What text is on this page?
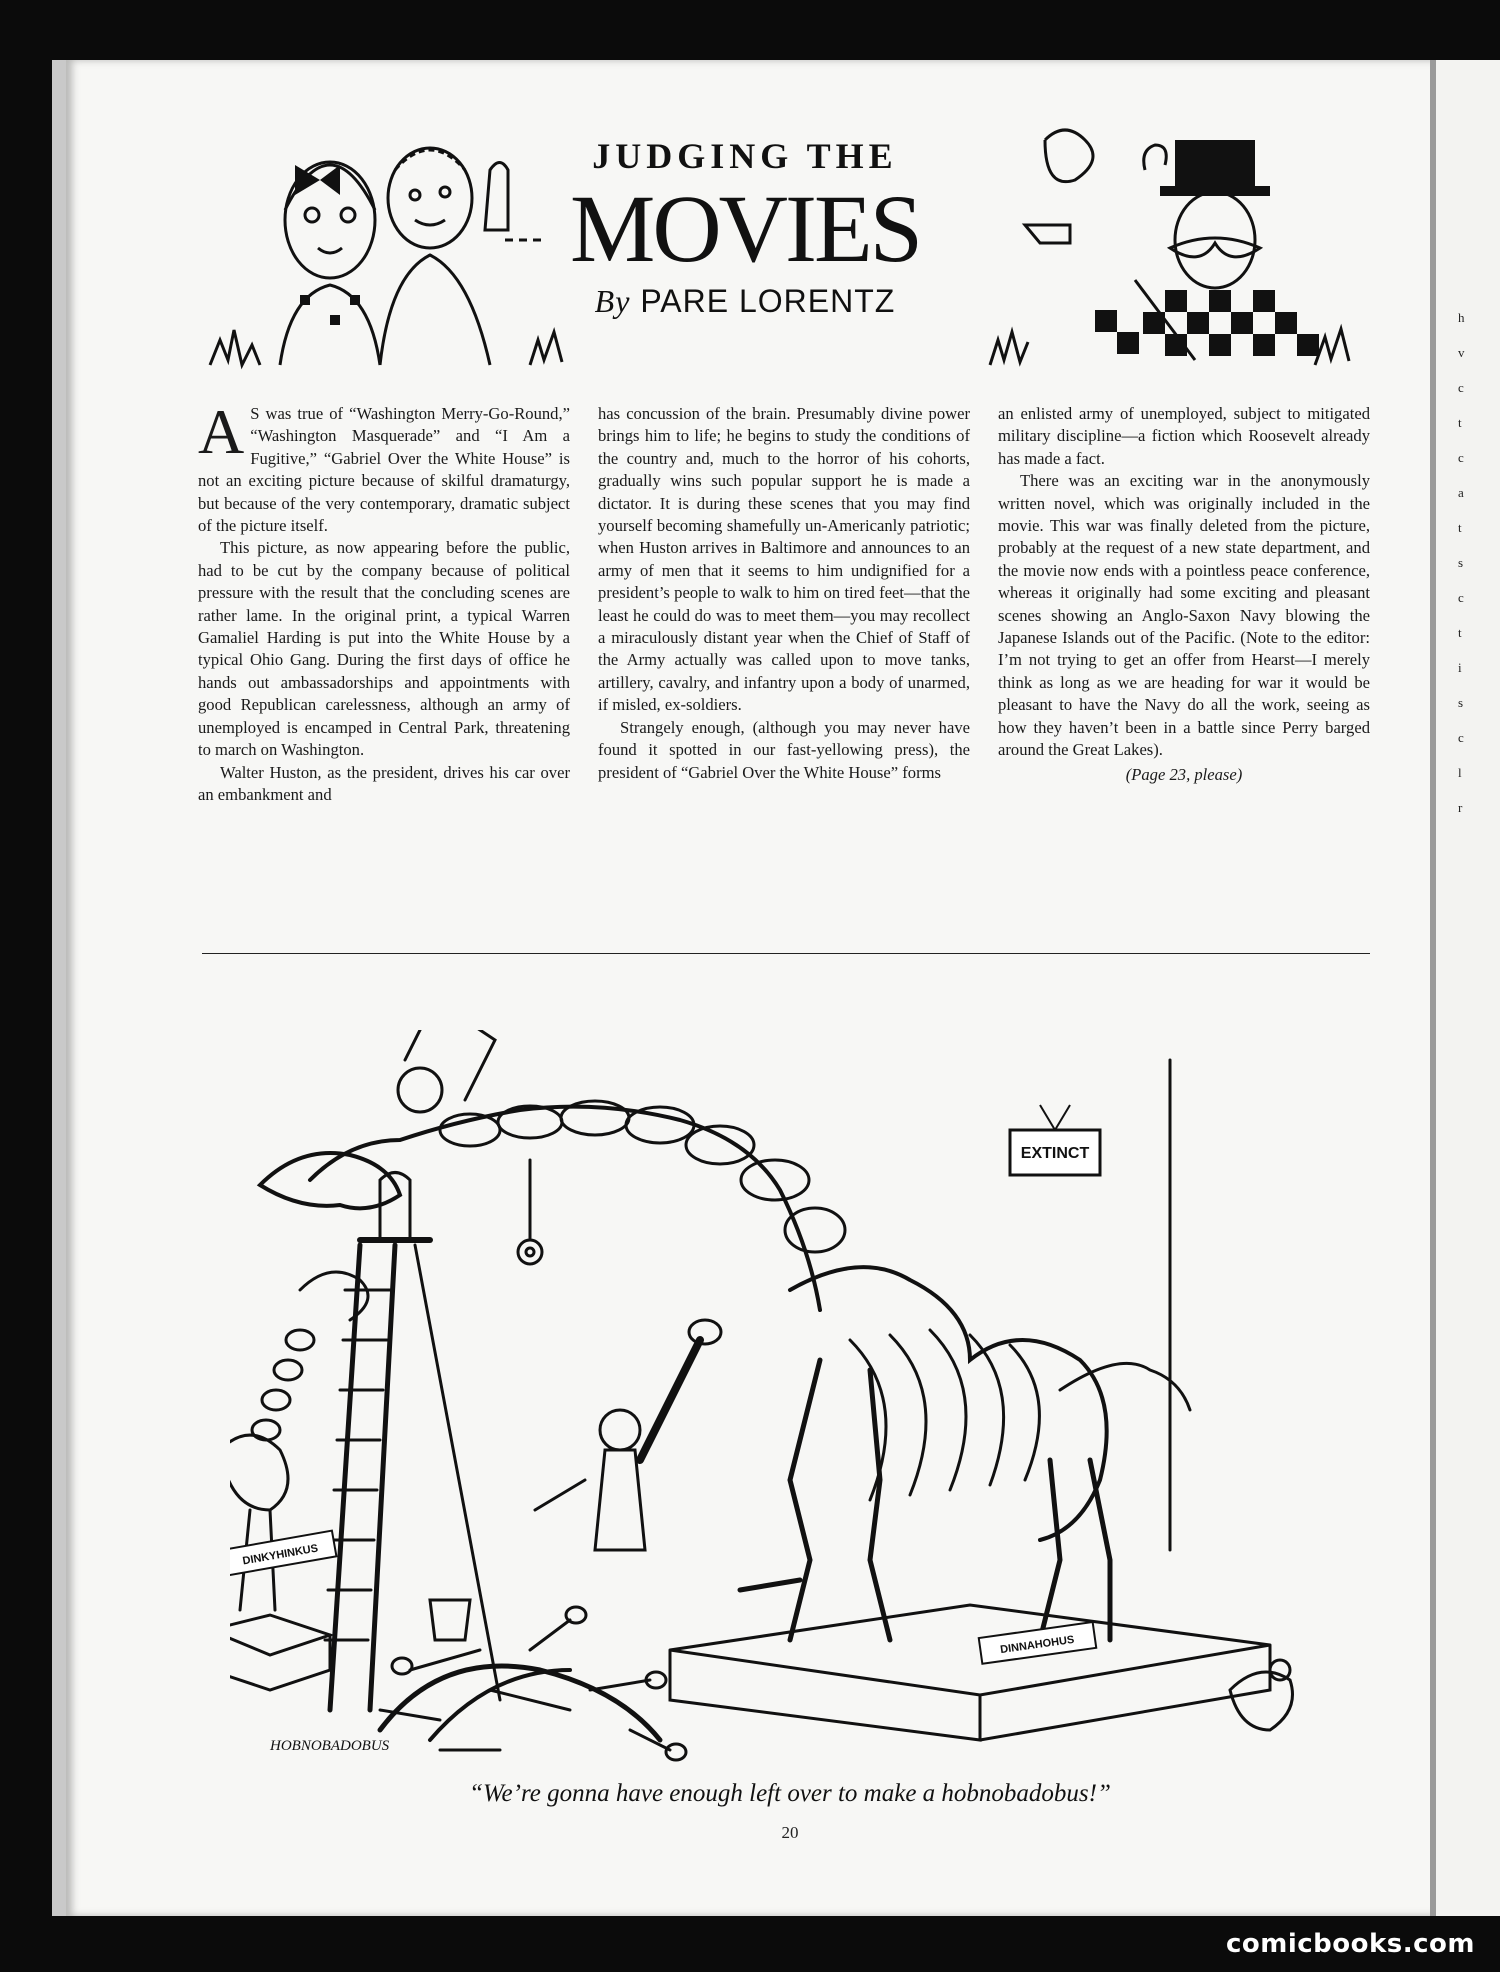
h
v
c
t
c
a
t
s
c
t
i
s
c
l
r
JUDGING THE
MOVIES
By PARE LORENTZ

A S was true of “Washington Merry-Go-Round,” “Washington Masquerade” and “I Am a Fugitive,” “Gabriel Over the White House” is not an exciting picture because of skilful dramaturgy, but because of the very contemporary, dramatic subject of the picture itself.

This picture, as now appearing before the public, had to be cut by the company because of political pressure with the result that the concluding scenes are rather lame. In the original print, a typical Warren Gamaliel Harding is put into the White House by a typical Ohio Gang. During the first days of office he hands out ambassadorships and appointments with good Republican carelessness, although an army of unemployed is encamped in Central Park, threatening to march on Washington.

Walter Huston, as the president, drives his car over an embankment and

has concussion of the brain. Presumably divine power brings him to life; he begins to study the conditions of the country and, much to the horror of his cohorts, gradually wins such popular support he is made a dictator. It is during these scenes that you may find yourself becoming shamefully un-Americanly patriotic; when Huston arrives in Baltimore and announces to an army of men that it seems to him undignified for a president’s people to walk to him on tired feet—that the least he could do was to meet them—you may recollect a miraculously distant year when the Chief of Staff of the Army actually was called upon to move tanks, artillery, cavalry, and infantry upon a body of unarmed, if misled, ex-soldiers.

Strangely enough, (although you may never have found it spotted in our fast-yellowing press), the president of “Gabriel Over the White House” forms

an enlisted army of unemployed, subject to mitigated military discipline—a fiction which Roosevelt already has made a fact.

There was an exciting war in the anonymously written novel, which was originally included in the movie. This war was finally deleted from the picture, probably at the request of a new state department, and the movie now ends with a pointless peace conference, whereas it originally had some exciting and pleasant scenes showing an Anglo-Saxon Navy blowing the Japanese Islands out of the Pacific. (Note to the editor: I’m not trying to get an offer from Hearst—I merely think as long as we are heading for war it would be pleasant to have the Navy do all the work, seeing as how they haven’t been in a battle since Perry barged around the Great Lakes).

(Page 23, please)

EXTINCT
DINKYHINKUS
DINNAHOHUS
HOBNOBADOBUS
“We’re gonna have enough left over to make a hobnobadobus!”
20
comicbooks.com
